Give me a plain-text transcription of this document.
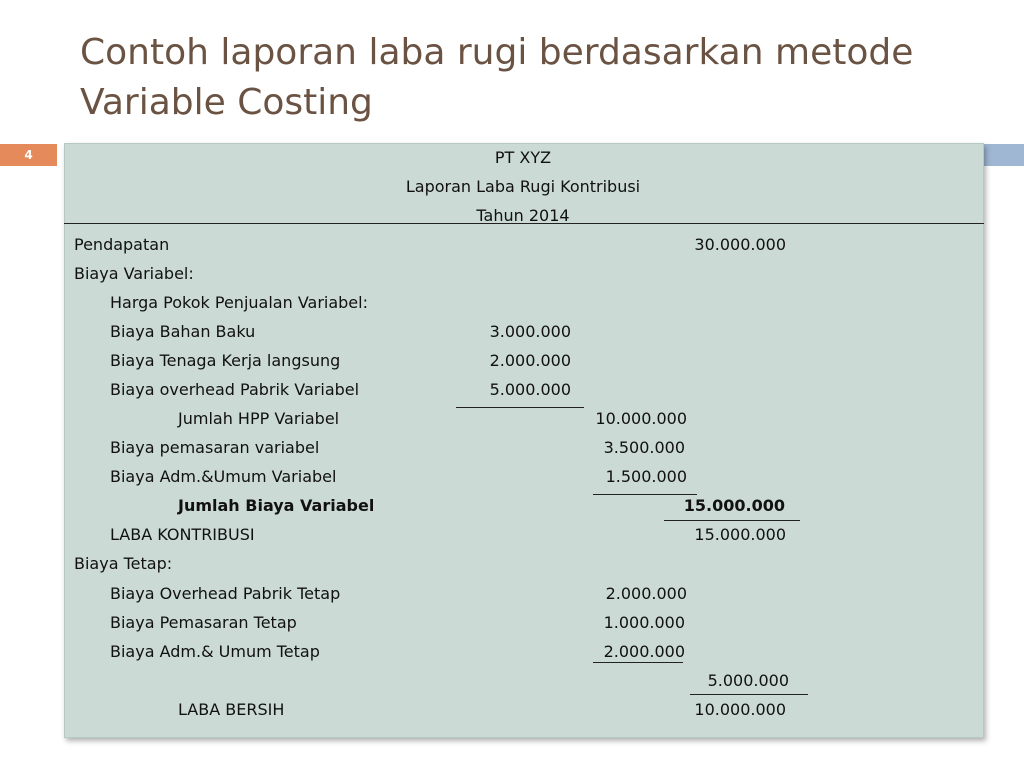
Contoh laporan laba rugi berdasarkan metode Variable Costing
4	PT XYZ
Laporan Laba Rugi Kontribusi
Tahun 2014
Pendapatan	30.000.000
Biaya Variabel:
Harga Pokok Penjualan Variabel:
Biaya Bahan Baku	3.000.000
Biaya Tenaga Kerja langsung	2.000.000
Biaya overhead Pabrik Variabel	5.000.000
Jumlah HPP Variabel	10.000.000
Biaya pemasaran variabel	3.500.000
Biaya Adm.&Umum Variabel	1.500.000
Jumlah Biaya Variabel	15.000.000
LABA KONTRIBUSI	15.000.000
Biaya Tetap:
Biaya Overhead Pabrik Tetap	2.000.000
Biaya Pemasaran Tetap	1.000.000
Biaya Adm.& Umum Tetap	2.000.000
5.000.000
LABA BERSIH	10.000.000
